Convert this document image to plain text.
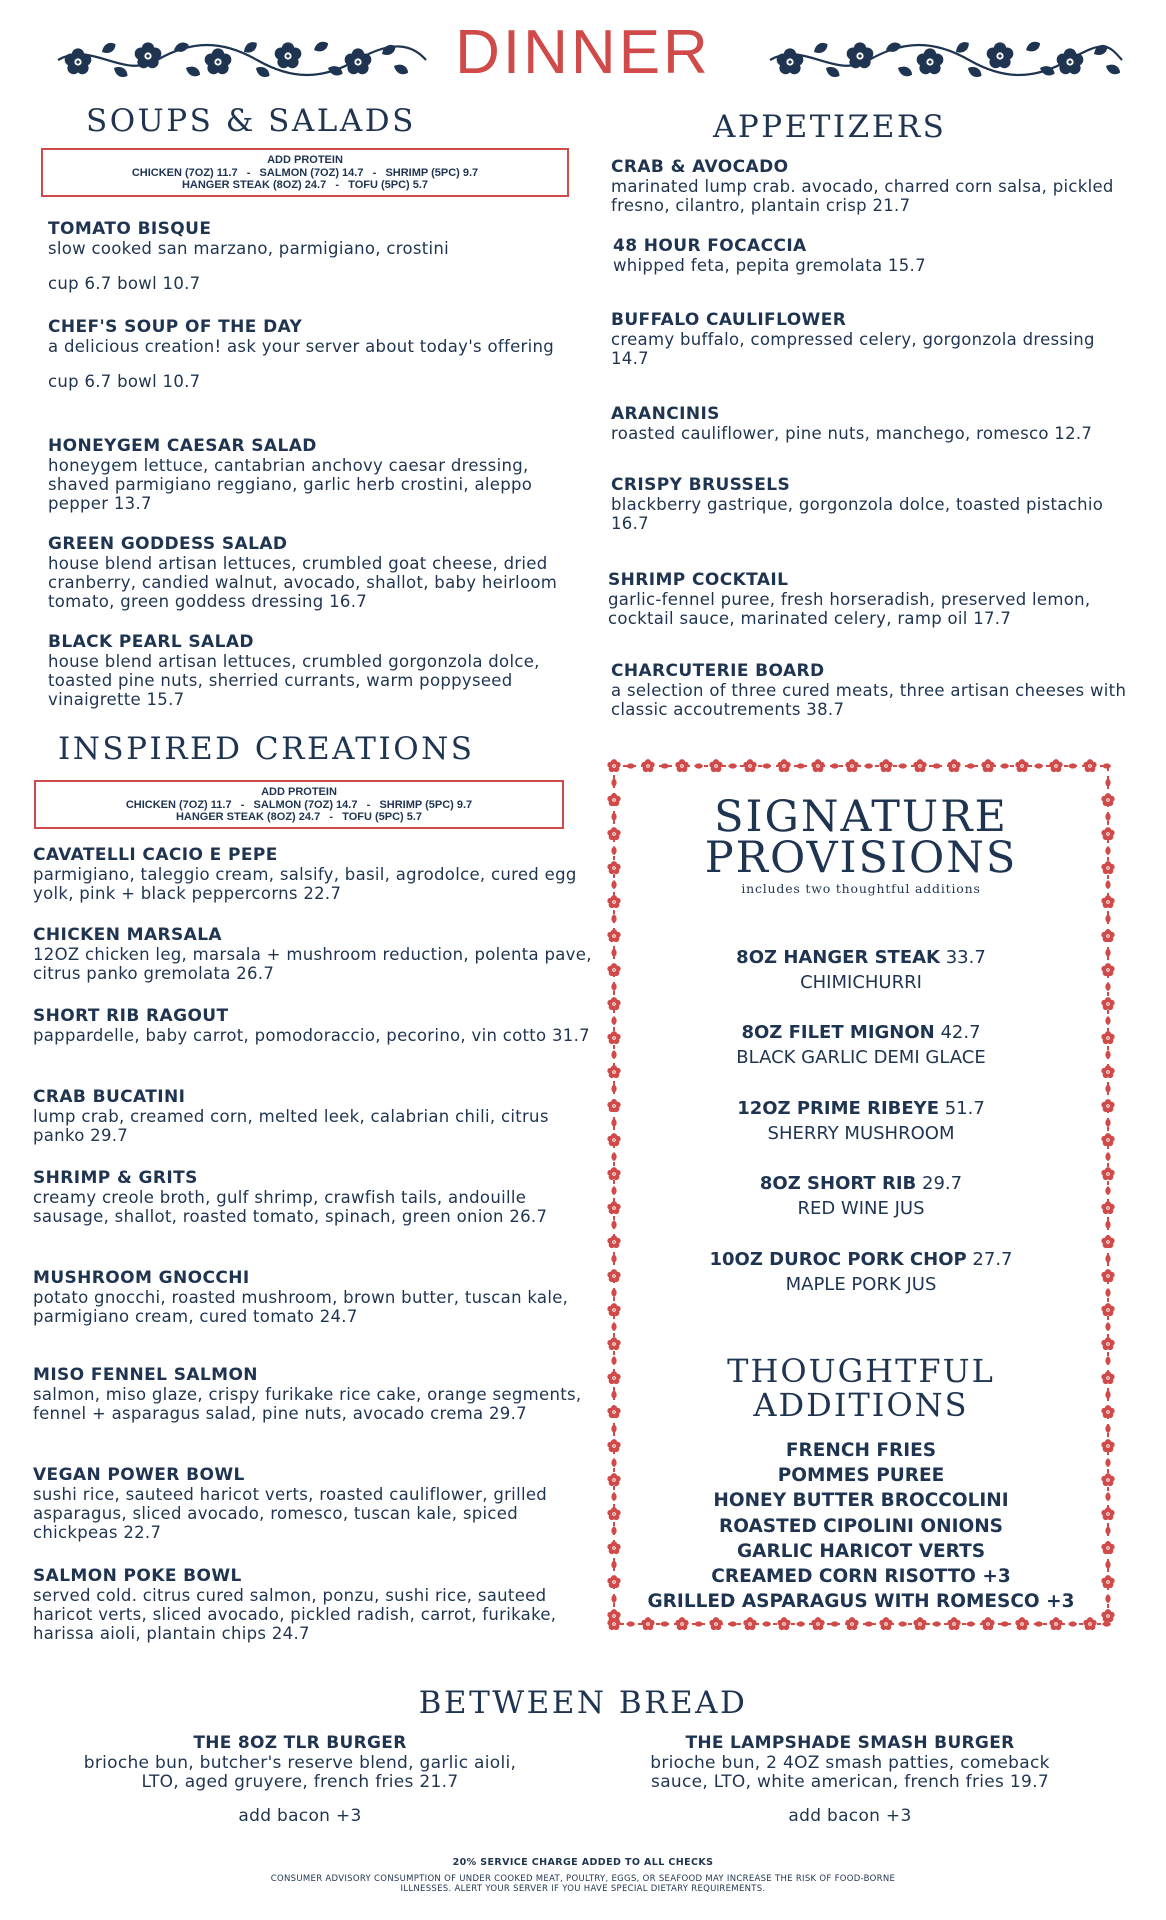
DINNER
SOUPS & SALADS
ADD PROTEIN
CHICKEN (7OZ) 11.7   -   SALMON (7OZ) 14.7   -   SHRIMP (5PC) 9.7
HANGER STEAK (8OZ) 24.7   -   TOFU (5PC) 5.7
TOMATO BISQUE
slow cooked san marzano, parmigiano, crostini
cup 6.7 bowl 10.7
CHEF'S SOUP OF THE DAY
a delicious creation! ask your server about today's offering
cup 6.7 bowl 10.7
HONEYGEM CAESAR SALAD
honeygem lettuce, cantabrian anchovy caesar dressing, shaved parmigiano reggiano, garlic herb crostini, aleppo pepper 13.7
GREEN GODDESS SALAD
house blend artisan lettuces, crumbled goat cheese, dried cranberry, candied walnut, avocado, shallot, baby heirloom tomato, green goddess dressing 16.7
BLACK PEARL SALAD
house blend artisan lettuces, crumbled gorgonzola dolce, toasted pine nuts, sherried currants, warm poppyseed vinaigrette 15.7
APPETIZERS
CRAB & AVOCADO
marinated lump crab. avocado, charred corn salsa, pickled fresno, cilantro, plantain crisp 21.7
48 HOUR FOCACCIA
whipped feta, pepita gremolata 15.7
BUFFALO CAULIFLOWER
creamy buffalo, compressed celery, gorgonzola dressing 14.7
ARANCINIS
roasted cauliflower, pine nuts, manchego, romesco 12.7
CRISPY BRUSSELS
blackberry gastrique, gorgonzola dolce, toasted pistachio 16.7
SHRIMP COCKTAIL
garlic-fennel puree, fresh horseradish, preserved lemon, cocktail sauce, marinated celery, ramp oil 17.7
CHARCUTERIE BOARD
a selection of three cured meats, three artisan cheeses with classic accoutrements 38.7
INSPIRED CREATIONS
ADD PROTEIN
CHICKEN (7OZ) 11.7   -   SALMON (7OZ) 14.7   -   SHRIMP (5PC) 9.7
HANGER STEAK (8OZ) 24.7   -   TOFU (5PC) 5.7
CAVATELLI CACIO E PEPE
parmigiano, taleggio cream, salsify, basil, agrodolce, cured egg yolk, pink + black peppercorns 22.7
CHICKEN MARSALA
12OZ chicken leg, marsala + mushroom reduction, polenta pave, citrus panko gremolata 26.7
SHORT RIB RAGOUT
pappardelle, baby carrot, pomodoraccio, pecorino, vin cotto 31.7
CRAB BUCATINI
lump crab, creamed corn, melted leek, calabrian chili, citrus panko 29.7
SHRIMP & GRITS
creamy creole broth, gulf shrimp, crawfish tails, andouille sausage, shallot, roasted tomato, spinach, green onion 26.7
MUSHROOM GNOCCHI
potato gnocchi, roasted mushroom, brown butter, tuscan kale, parmigiano cream, cured tomato 24.7
MISO FENNEL SALMON
salmon, miso glaze, crispy furikake rice cake, orange segments, fennel + asparagus salad, pine nuts, avocado crema 29.7
VEGAN POWER BOWL
sushi rice, sauteed haricot verts, roasted cauliflower, grilled asparagus, sliced avocado, romesco, tuscan kale, spiced chickpeas 22.7
SALMON POKE BOWL
served cold. citrus cured salmon, ponzu, sushi rice, sauteed haricot verts, sliced avocado, pickled radish, carrot, furikake, harissa aioli, plantain chips 24.7
SIGNATURE
PROVISIONS
includes two thoughtful additions
8OZ HANGER STEAK 33.7
CHIMICHURRI
8OZ FILET MIGNON 42.7
BLACK GARLIC DEMI GLACE
12OZ PRIME RIBEYE 51.7
SHERRY MUSHROOM
8OZ SHORT RIB 29.7
RED WINE JUS
10OZ DUROC PORK CHOP 27.7
MAPLE PORK JUS
THOUGHTFUL
ADDITIONS
FRENCH FRIES
POMMES PUREE
HONEY BUTTER BROCCOLINI
ROASTED CIPOLINI ONIONS
GARLIC HARICOT VERTS
CREAMED CORN RISOTTO +3
GRILLED ASPARAGUS WITH ROMESCO +3
BETWEEN BREAD
THE 8OZ TLR BURGER
brioche bun, butcher's reserve blend, garlic aioli,
LTO, aged gruyere, french fries 21.7
add bacon +3
THE LAMPSHADE SMASH BURGER
brioche bun, 2 4OZ smash patties, comeback
sauce, LTO, white american, french fries 19.7
add bacon +3
20% SERVICE CHARGE ADDED TO ALL CHECKS
CONSUMER ADVISORY CONSUMPTION OF UNDER COOKED MEAT, POULTRY, EGGS, OR SEAFOOD MAY INCREASE THE RISK OF FOOD-BORNE ILLNESSES. ALERT YOUR SERVER IF YOU HAVE SPECIAL DIETARY REQUIREMENTS.
